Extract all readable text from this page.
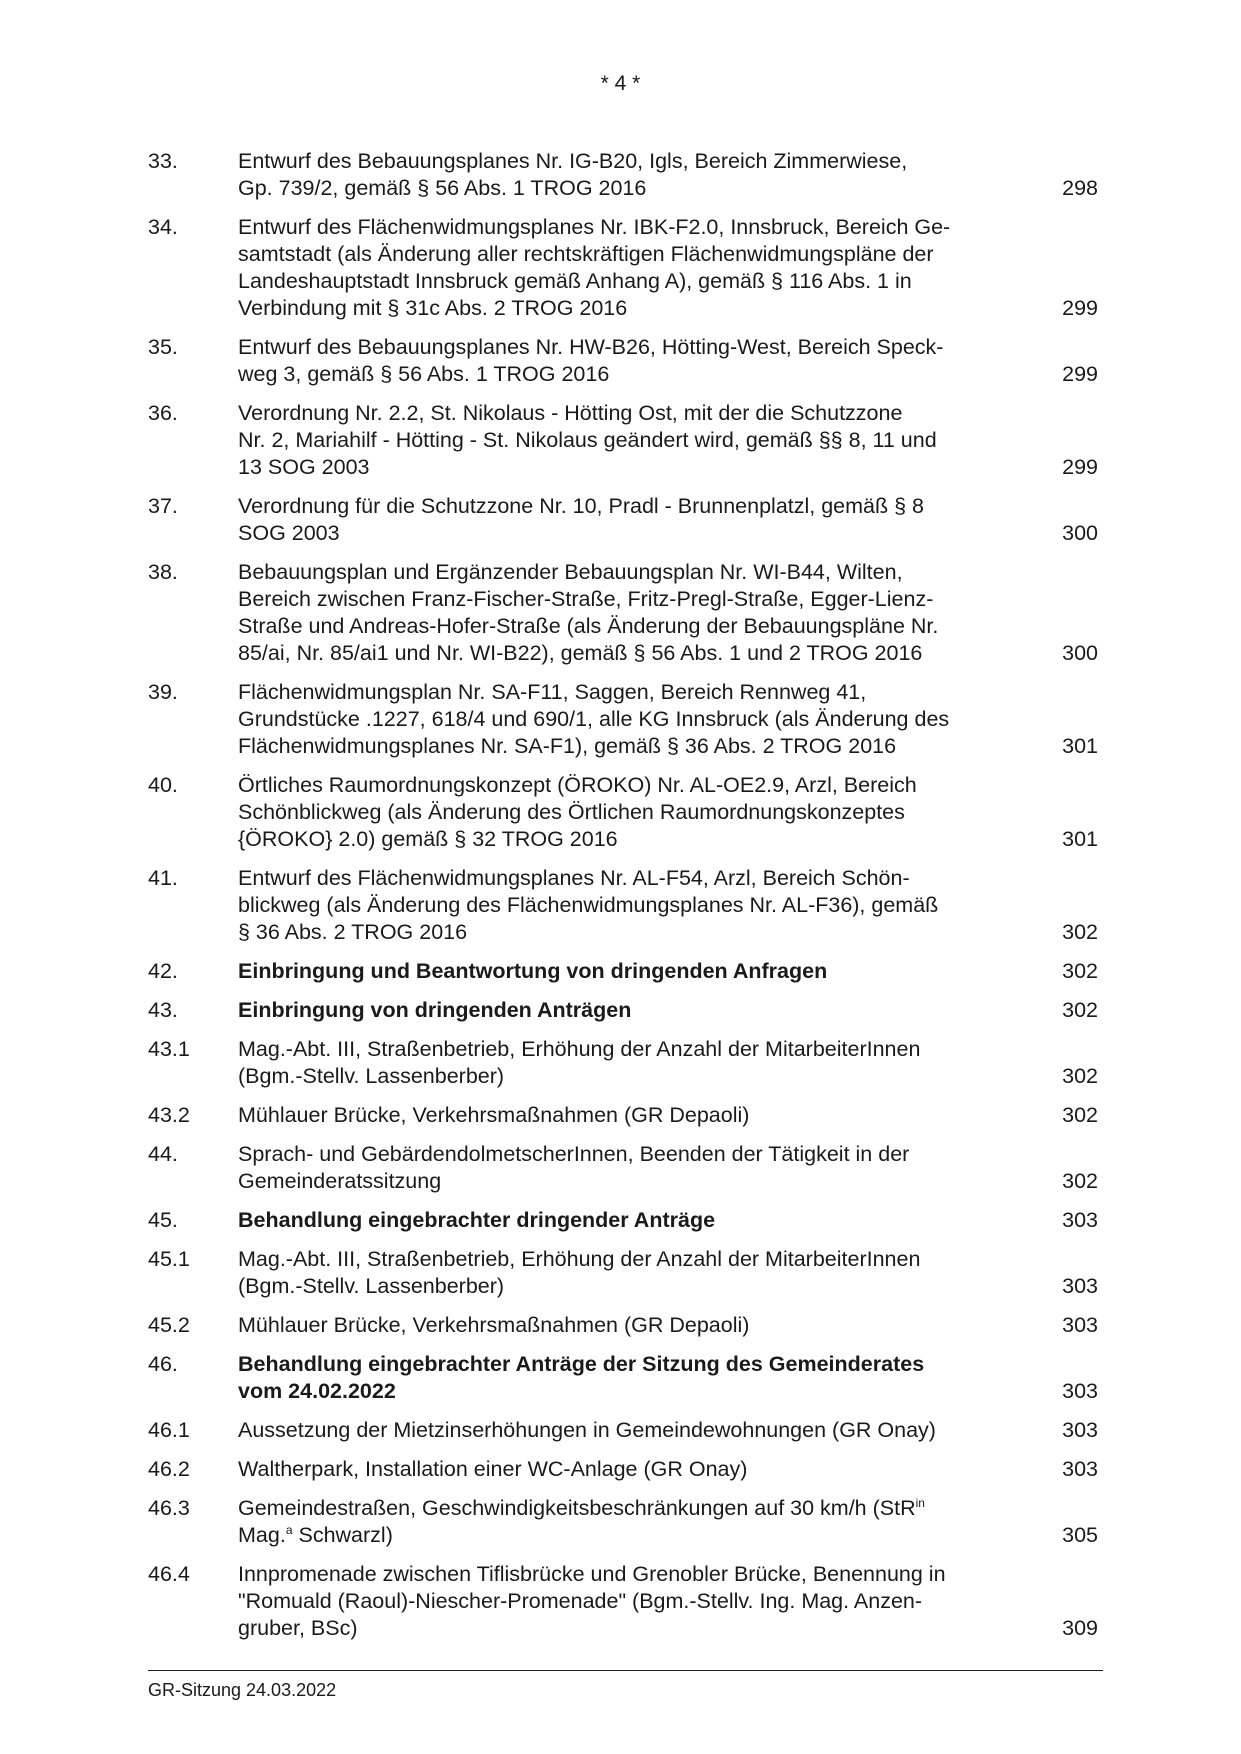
* 4 *
33.	Entwurf des Bebauungsplanes Nr. IG-B20, Igls, Bereich Zimmerwiese,
Gp. 739/2, gemäß § 56 Abs. 1 TROG 2016	298
34.	Entwurf des Flächenwidmungsplanes Nr. IBK-F2.0, Innsbruck, Bereich Ge-
samtstadt (als Änderung aller rechtskräftigen Flächenwidmungspläne der
Landeshauptstadt Innsbruck gemäß Anhang A), gemäß § 116 Abs. 1 in
Verbindung mit § 31c Abs. 2 TROG 2016	299
35.	Entwurf des Bebauungsplanes Nr. HW-B26, Hötting-West, Bereich Speck-
weg 3, gemäß § 56 Abs. 1 TROG 2016	299
36.	Verordnung Nr. 2.2, St. Nikolaus - Hötting Ost, mit der die Schutzzone
Nr. 2, Mariahilf - Hötting - St. Nikolaus geändert wird, gemäß §§ 8, 11 und
13 SOG 2003	299
37.	Verordnung für die Schutzzone Nr. 10, Pradl - Brunnenplatzl, gemäß § 8
SOG 2003	300
38.	Bebauungsplan und Ergänzender Bebauungsplan Nr. WI-B44, Wilten,
Bereich zwischen Franz-Fischer-Straße, Fritz-Pregl-Straße, Egger-Lienz-
Straße und Andreas-Hofer-Straße (als Änderung der Bebauungspläne Nr.
85/ai, Nr. 85/ai1 und Nr. WI-B22), gemäß § 56 Abs. 1 und 2 TROG 2016	300
39.	Flächenwidmungsplan Nr. SA-F11, Saggen, Bereich Rennweg 41,
Grundstücke .1227, 618/4 und 690/1, alle KG Innsbruck (als Änderung des
Flächenwidmungsplanes Nr. SA-F1), gemäß § 36 Abs. 2 TROG 2016	301
40.	Örtliches Raumordnungskonzept (ÖROKO) Nr. AL-OE2.9, Arzl, Bereich
Schönblickweg (als Änderung des Örtlichen Raumordnungskonzeptes
{ÖROKO} 2.0) gemäß § 32 TROG 2016	301
41.	Entwurf des Flächenwidmungsplanes Nr. AL-F54, Arzl, Bereich Schön-
blickweg (als Änderung des Flächenwidmungsplanes Nr. AL-F36), gemäß
§ 36 Abs. 2 TROG 2016	302
42.	Einbringung und Beantwortung von dringenden Anfragen	302
43.	Einbringung von dringenden Anträgen	302
43.1	Mag.-Abt. III, Straßenbetrieb, Erhöhung der Anzahl der MitarbeiterInnen
(Bgm.-Stellv. Lassenberber)	302
43.2	Mühlauer Brücke, Verkehrsmaßnahmen (GR Depaoli)	302
44.	Sprach- und GebärdendolmetscherInnen, Beenden der Tätigkeit in der
Gemeinderatssitzung	302
45.	Behandlung eingebrachter dringender Anträge	303
45.1	Mag.-Abt. III, Straßenbetrieb, Erhöhung der Anzahl der MitarbeiterInnen
(Bgm.-Stellv. Lassenberber)	303
45.2	Mühlauer Brücke, Verkehrsmaßnahmen (GR Depaoli)	303
46.	Behandlung eingebrachter Anträge der Sitzung des Gemeinderates
vom 24.02.2022	303
46.1	Aussetzung der Mietzinserhöhungen in Gemeindewohnungen (GR Onay)	303
46.2	Waltherpark, Installation einer WC-Anlage (GR Onay)	303
46.3	Gemeindestraßen, Geschwindigkeitsbeschränkungen auf 30 km/h (StR$^{in}$
Mag.$^a$ Schwarzl)	305
46.4	Innpromenade zwischen Tiflisbrücke und Grenobler Brücke, Benennung in
"Romuald (Raoul)-Niescher-Promenade" (Bgm.-Stellv. Ing. Mag. Anzen-
gruber, BSc)	309
GR-Sitzung 24.03.2022
